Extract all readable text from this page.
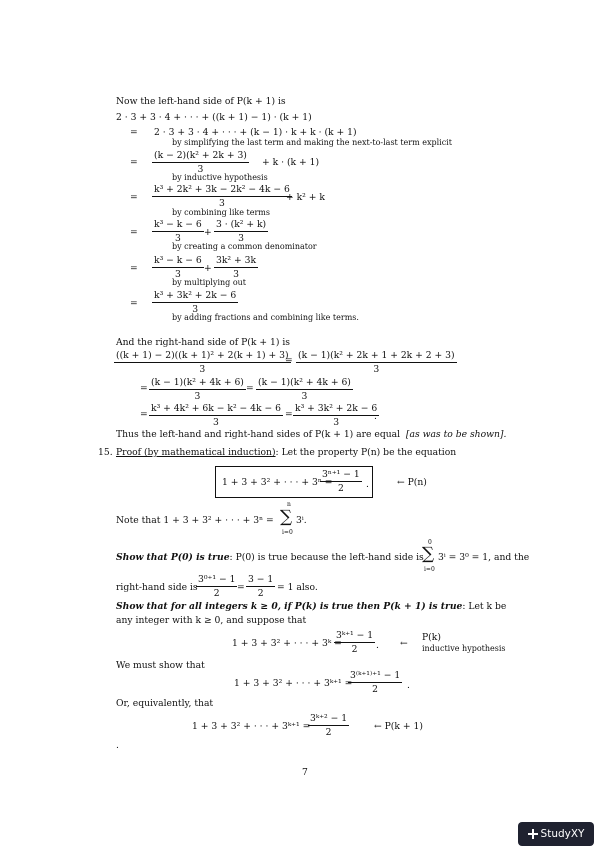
Now the left-hand side of P(k + 1) is
2 · 3 + 3 · 4 + · · · + ((k + 1) − 1) · (k + 1)
= 2 · 3 + 3 · 4 + · · · + (k − 1) · k + k · (k + 1)
by simplifying the last term and making the next-to-last term explicit
=
(k − 2)(k² + 2k + 3)
3
+ k · (k + 1)
by inductive hypothesis
=
k³ + 2k² + 3k − 2k² − 4k − 6
3
+ k² + k
by combining like terms
=
k³ − k − 6
3
+
3 · (k² + k)
3
by creating a common denominator
=
k³ − k − 6
3
+
3k² + 3k
3
by multiplying out
=
k³ + 3k² + 2k − 6
3
by adding fractions and combining like terms.
And the right-hand side of P(k + 1) is
((k + 1) − 2)((k + 1)² + 2(k + 1) + 3)
3
= (k − 1)(k² + 2k + 1 + 2k + 2 + 3)
3
=
(k − 1)(k² + 4k + 6)
3
=
(k − 1)(k² + 4k + 6)
3
=
k³ + 4k² + 6k − k² − 4k − 6
3
=
k³ + 3k² + 2k − 6
3
.
Thus the left-hand and right-hand sides of P(k + 1) are equal [as was to be shown].
15. Proof (by mathematical induction): Let the property P(n) be the equation
1 + 3 + 3² + · · · + 3ⁿ =
3ⁿ⁺¹ − 1
2 .	← P(n)
Note that 1 + 3 + 3² + · · · + 3ⁿ =
n
∑
i=0
3ⁱ.
Show that P(0) is true: P(0) is true because the left-hand side is
0
∑
i=0
3ⁱ = 3⁰ = 1, and the
right-hand side is
3⁰⁺¹ − 1
2
=
3 − 1
2
= 1 also.
Show that for all integers k ≥ 0, if P(k) is true then P(k + 1) is true: Let k be
any integer with k ≥ 0, and suppose that
1 + 3 + 3² + · · · + 3ᵏ =
3ᵏ⁺¹ − 1
2 . ←
P(k)
inductive hypothesis
We must show that
1 + 3 + 3² + · · · + 3ᵏ⁺¹ =
3⁽ᵏ⁺¹⁾⁺¹ − 1
2	.
Or, equivalently, that
1 + 3 + 3² + · · · + 3ᵏ⁺¹ =
3ᵏ⁺² − 1
2
← P(k + 1)
.
7
StudyXY
